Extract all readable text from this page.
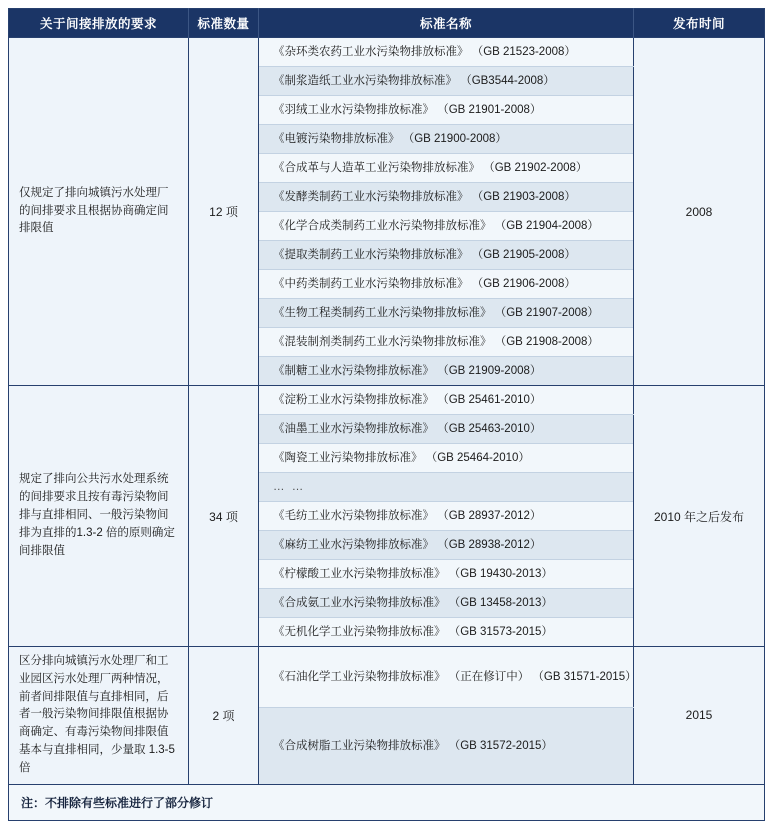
关于间接排放的要求	标准数量	标准名称	发布时间
仅规定了排向城镇污水处理厂的间排要求且根据协商确定间排限值	12 项	《杂环类农药工业水污染物排放标准》 （GB 21523-2008）	2008
		《制浆造纸工业水污染物排放标准》 （GB3544-2008）	
		《羽绒工业水污染物排放标准》 （GB 21901-2008）	
		《电镀污染物排放标准》 （GB 21900-2008）	
		《合成革与人造革工业污染物排放标准》 （GB 21902-2008）	
		《发酵类制药工业水污染物排放标准》 （GB 21903-2008）	
		《化学合成类制药工业水污染物排放标准》 （GB 21904-2008）	
		《提取类制药工业水污染物排放标准》 （GB 21905-2008）	
		《中药类制药工业水污染物排放标准》 （GB 21906-2008）	
		《生物工程类制药工业水污染物排放标准》 （GB 21907-2008）	
		《混装制剂类制药工业水污染物排放标准》 （GB 21908-2008）	
		《制糖工业水污染物排放标准》 （GB 21909-2008）	
规定了排向公共污水处理系统的间排要求且按有毒污染物间排与直排相同、一般污染物间排为直排的1.3-2 倍的原则确定间排限值	34 项	《淀粉工业水污染物排放标准》 （GB 25461-2010）	2010 年之后发布
		《油墨工业水污染物排放标准》 （GB 25463-2010）	
		《陶瓷工业污染物排放标准》 （GB 25464-2010）	
		… …	
		《毛纺工业水污染物排放标准》 （GB 28937-2012）	
		《麻纺工业水污染物排放标准》 （GB 28938-2012）	
		《柠檬酸工业水污染物排放标准》 （GB 19430-2013）	
		《合成氨工业水污染物排放标准》 （GB 13458-2013）	
		《无机化学工业污染物排放标准》 （GB 31573-2015）	
区分排向城镇污水处理厂和工业园区污水处理厂两种情况，前者间排限值与直排相同，后者一般污染物间排限值根据协商确定、有毒污染物间排限值基本与直排相同，少量取 1.3-5 倍	2 项	《石油化学工业污染物排放标准》 （正在修订中） （GB 31571-2015）	2015
		《合成树脂工业污染物排放标准》 （GB 31572-2015）	
注：不排除有些标准进行了部分修订			
